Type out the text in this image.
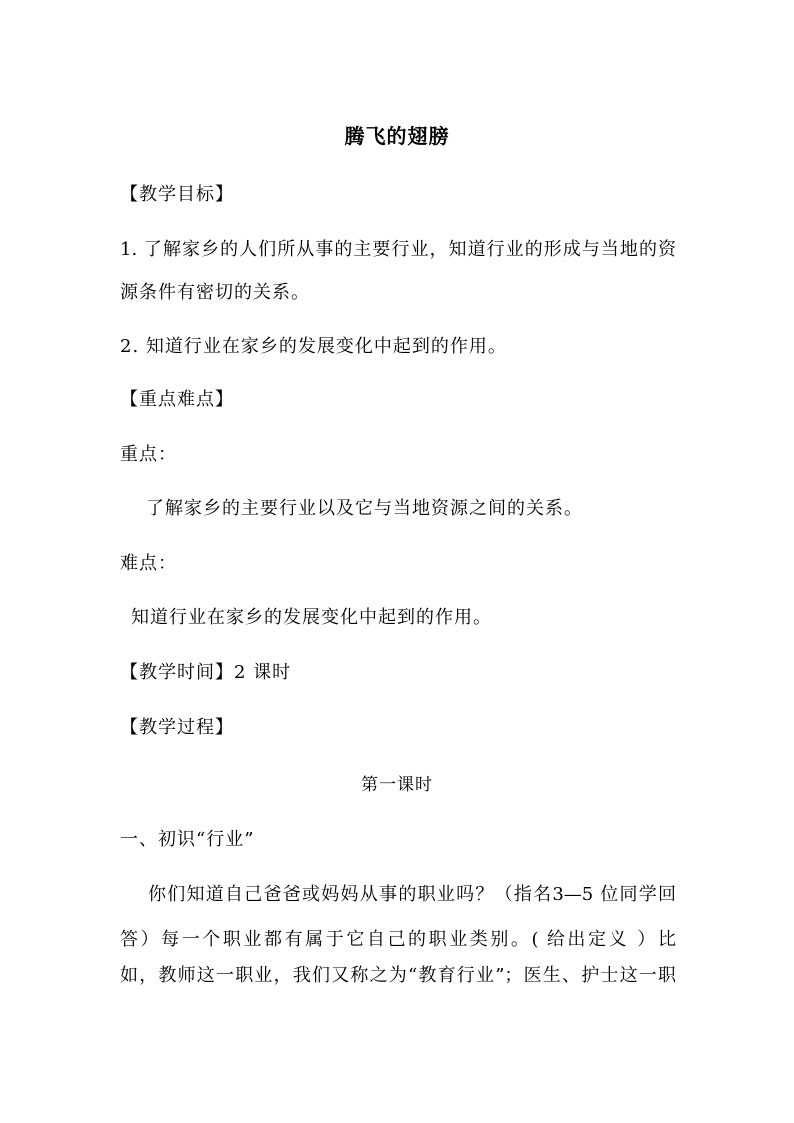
腾飞的翅膀
【教学目标】
1. 了解家乡的人们所从事的主要行业，知道行业的形成与当地的资
源条件有密切的关系。
2. 知道行业在家乡的发展变化中起到的作用。
【重点难点】
重点：
了解家乡的主要行业以及它与当地资源之间的关系。
难点：
知道行业在家乡的发展变化中起到的作用。
【教学时间】2 课时
【教学过程】
第一课时
一、初识“行业”
你们知道自己爸爸或妈妈从事的职业吗？（指名3—5 位同学回
答）每一个职业都有属于它自己的职业类别。( 给出定义 ）比
如，教师这一职业，我们又称之为“教育行业”；医生、护士这一职
